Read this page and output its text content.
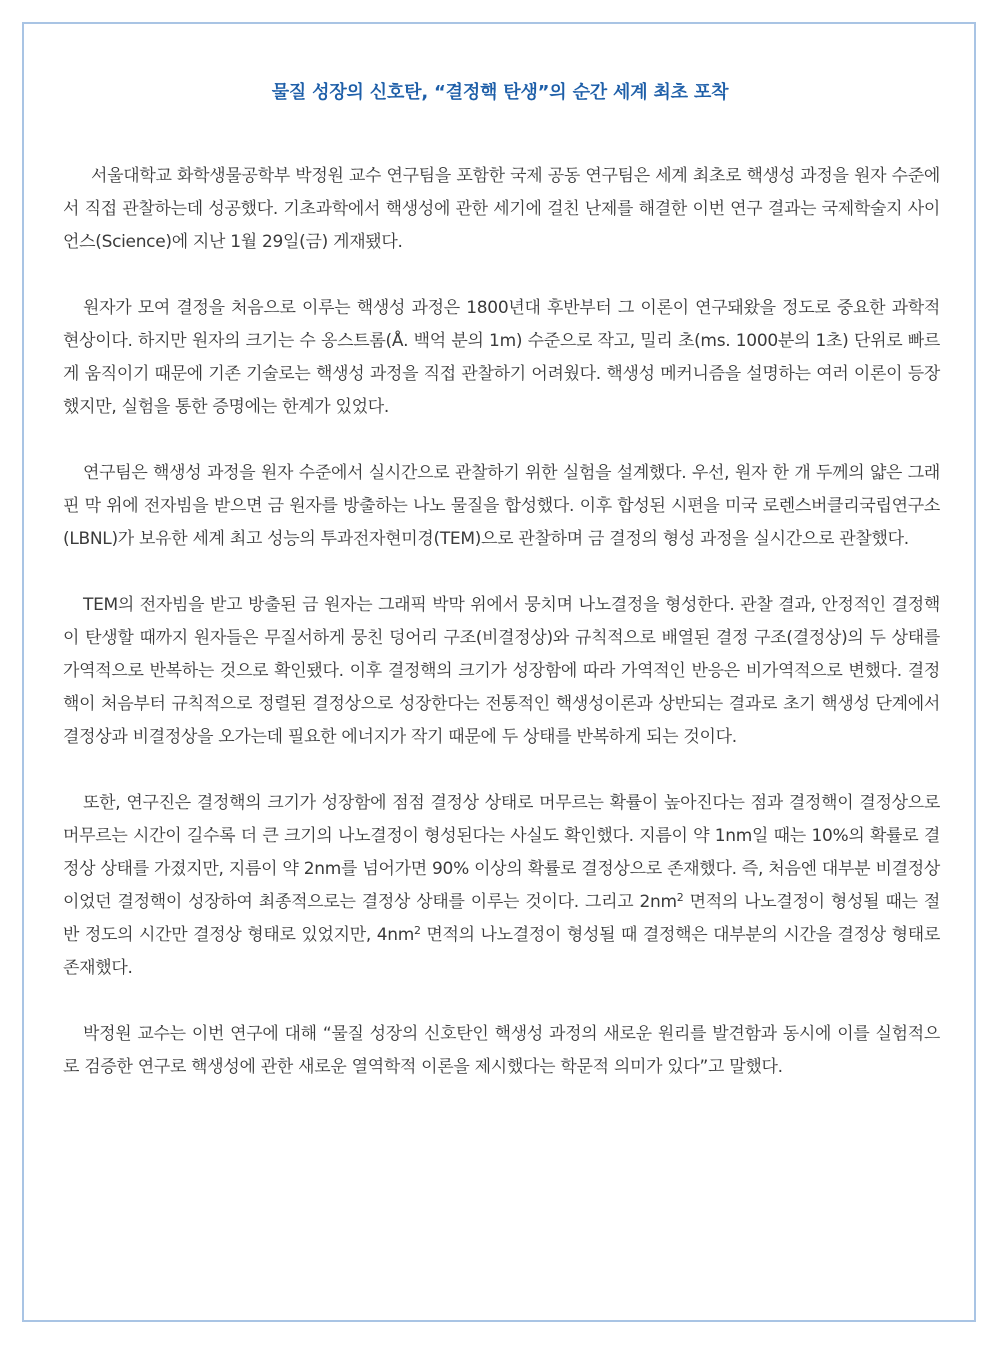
물질 성장의 신호탄, “결정핵 탄생”의 순간 세계 최초 포착

서울대학교 화학생물공학부 박정원 교수 연구팀을 포함한 국제 공동 연구팀은 세계 최초로 핵생성 과정을 원자 수준에서 직접 관찰하는데 성공했다. 기초과학에서 핵생성에 관한 세기에 걸친 난제를 해결한 이번 연구 결과는 국제학술지 사이언스(Science)에 지난 1월 29일(금) 게재됐다.

원자가 모여 결정을 처음으로 이루는 핵생성 과정은 1800년대 후반부터 그 이론이 연구돼왔을 정도로 중요한 과학적 현상이다. 하지만 원자의 크기는 수 옹스트롬(Å. 백억 분의 1m) 수준으로 작고, 밀리 초(ms. 1000분의 1초) 단위로 빠르게 움직이기 때문에 기존 기술로는 핵생성 과정을 직접 관찰하기 어려웠다. 핵생성 메커니즘을 설명하는 여러 이론이 등장했지만, 실험을 통한 증명에는 한계가 있었다.

연구팀은 핵생성 과정을 원자 수준에서 실시간으로 관찰하기 위한 실험을 설계했다. 우선, 원자 한 개 두께의 얇은 그래핀 막 위에 전자빔을 받으면 금 원자를 방출하는 나노 물질을 합성했다. 이후 합성된 시편을 미국 로렌스버클리국립연구소(LBNL)가 보유한 세계 최고 성능의 투과전자현미경(TEM)으로 관찰하며 금 결정의 형성 과정을 실시간으로 관찰했다.

TEM의 전자빔을 받고 방출된 금 원자는 그래픽 박막 위에서 뭉치며 나노결정을 형성한다. 관찰 결과, 안정적인 결정핵이 탄생할 때까지 원자들은 무질서하게 뭉친 덩어리 구조(비결정상)와 규칙적으로 배열된 결정 구조(결정상)의 두 상태를 가역적으로 반복하는 것으로 확인됐다. 이후 결정핵의 크기가 성장함에 따라 가역적인 반응은 비가역적으로 변했다. 결정핵이 처음부터 규칙적으로 정렬된 결정상으로 성장한다는 전통적인 핵생성이론과 상반되는 결과로 초기 핵생성 단계에서 결정상과 비결정상을 오가는데 필요한 에너지가 작기 때문에 두 상태를 반복하게 되는 것이다.

또한, 연구진은 결정핵의 크기가 성장함에 점점 결정상 상태로 머무르는 확률이 높아진다는 점과 결정핵이 결정상으로 머무르는 시간이 길수록 더 큰 크기의 나노결정이 형성된다는 사실도 확인했다. 지름이 약 1nm일 때는 10%의 확률로 결정상 상태를 가졌지만, 지름이 약 2nm를 넘어가면 90% 이상의 확률로 결정상으로 존재했다. 즉, 처음엔 대부분 비결정상이었던 결정핵이 성장하여 최종적으로는 결정상 상태를 이루는 것이다. 그리고 $2nm^2$ 면적의 나노결정이 형성될 때는 절반 정도의 시간만 결정상 형태로 있었지만, $4nm^2$ 면적의 나노결정이 형성될 때 결정핵은 대부분의 시간을 결정상 형태로 존재했다.

박정원 교수는 이번 연구에 대해 “물질 성장의 신호탄인 핵생성 과정의 새로운 원리를 발견함과 동시에 이를 실험적으로 검증한 연구로 핵생성에 관한 새로운 열역학적 이론을 제시했다는 학문적 의미가 있다”고 말했다.
